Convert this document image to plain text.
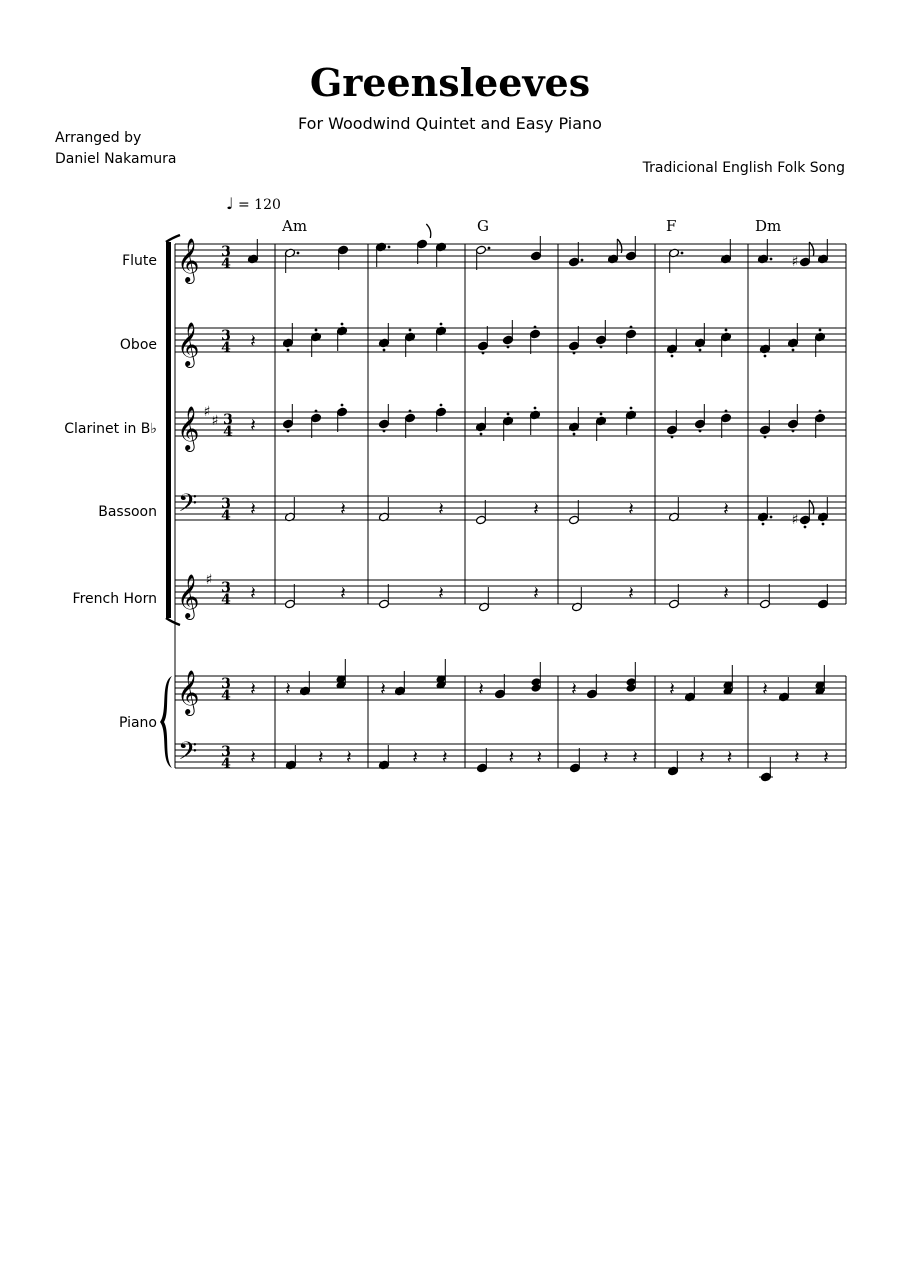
Greensleeves
For Woodwind Quintet and Easy Piano
Arranged by
Daniel Nakamura
Tradicional English Folk Song
♩ = 120
Am	G	F	Dm
Flute
Oboe
Clarinet in B♭
Bassoon
French Horn
Piano
𝄞 3
4
𝄞 3
4
𝄞 3
4
𝄢 3
4
𝄞 3
4
𝄞 3
4
𝄢 3
4
♯
♯
♯
♯
𝄽
𝄽
𝄽	𝄽	𝄽	𝄽	𝄽	𝄽	♯
𝄽	𝄽	𝄽	𝄽	𝄽	𝄽
𝄽 𝄽	𝄽	𝄽	𝄽	𝄽	𝄽
𝄽	𝄽 𝄽	𝄽 𝄽	𝄽 𝄽	𝄽 𝄽	𝄽 𝄽	𝄽 𝄽
